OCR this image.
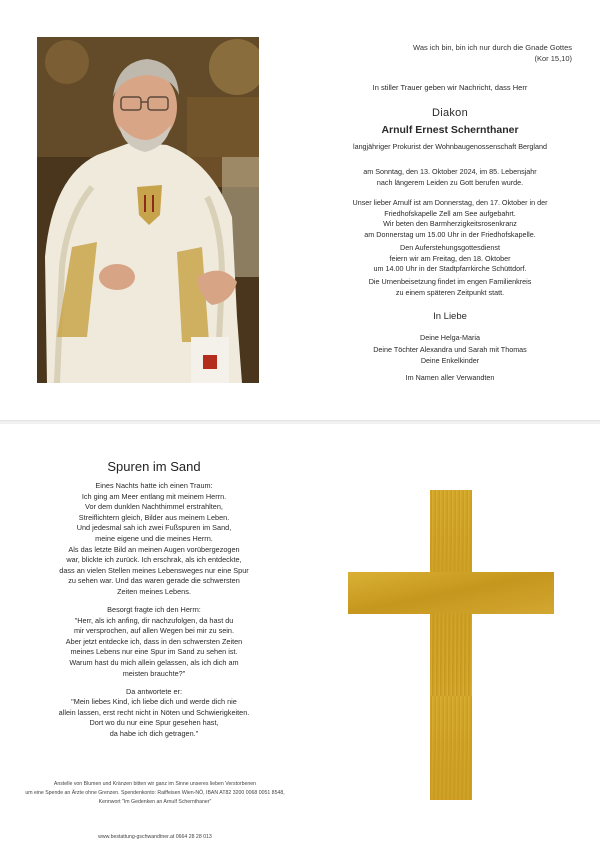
Was ich bin, bin ich nur durch die Gnade Gottes
(Kor 15,10)
In stiller Trauer geben wir Nachricht, dass Herr
Diakon
Arnulf Ernest Schernthaner
langjähriger Prokurist der Wohnbaugenossenschaft Bergland
am Sonntag, den 13. Oktober 2024, im 85. Lebensjahr
nach längerem Leiden zu Gott berufen wurde.
Unser lieber Arnulf ist am Donnerstag, den 17. Oktober in der
Friedhofskapelle Zell am See aufgebahrt.
Wir beten den Barmherzigkeitsrosenkranz
am Donnerstag um 15.00 Uhr in der Friedhofskapelle.
Den Auferstehungsgottesdienst
feiern wir am Freitag, den 18. Oktober
um 14.00 Uhr in der Stadtpfarrkirche Schüttdorf.
Die Urnenbeisetzung findet im engen Familienkreis
zu einem späteren Zeitpunkt statt.
In Liebe
Deine Helga-Maria
Deine Töchter Alexandra und Sarah mit Thomas
Deine Enkelkinder
Im Namen aller Verwandten
Spuren im Sand
Eines Nachts hatte ich einen Traum:
Ich ging am Meer entlang mit meinem Herrn.
Vor dem dunklen Nachthimmel erstrahlten,
Streiflichtern gleich, Bilder aus meinem Leben.
Und jedesmal sah ich zwei Fußspuren im Sand,
meine eigene und die meines Herrn.
Als das letzte Bild an meinen Augen vorübergezogen
war, blickte ich zurück. Ich erschrak, als ich entdeckte,
dass an vielen Stellen meines Lebensweges nur eine Spur
zu sehen war. Und das waren gerade die schwersten
Zeiten meines Lebens.
Besorgt fragte ich den Herrn:
"Herr, als ich anfing, dir nachzufolgen, da hast du
mir versprochen, auf allen Wegen bei mir zu sein.
Aber jetzt entdecke ich, dass in den schwersten Zeiten
meines Lebens nur eine Spur im Sand zu sehen ist.
Warum hast du mich allein gelassen, als ich dich am
meisten brauchte?"
Da antwortete er:
"Mein liebes Kind, ich liebe dich und werde dich nie
allein lassen, erst recht nicht in Nöten und Schwierigkeiten.
Dort wo du nur eine Spur gesehen hast,
da habe ich dich getragen."
Anstelle von Blumen und Kränzen bitten wir ganz im Sinne unseres lieben Verstorbenen
um eine Spende an Ärzte ohne Grenzen. Spendenkonto: Raiffeisen Wien-NÖ, IBAN AT82 3200 0068 0051 8548,
Kennwort "Im Gedenken an Arnulf Schernthaner"
www.bestattung-gschwandtner.at 0664 28 28 013
